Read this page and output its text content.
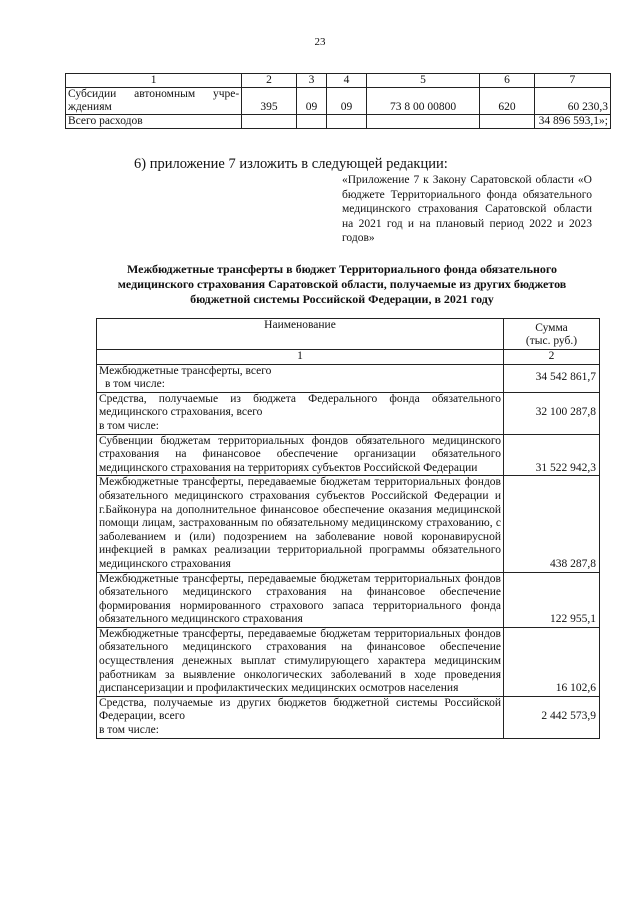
23
1	2	3	4	5	6	7

Субсидии автономным учре-
ждениям	395	09	09	73 8 00 00800	620	60 230,3
Всего расходов						34 896 593,1»;
6) приложение 7 изложить в следующей редакции:
«Приложение 7 к Закону Саратовской области «О бюджете Территориального фонда обязательного медицинского страхования Саратовской области на 2021 год и на плановый период 2022 и 2023 годов»
Межбюджетные трансферты в бюджет Территориального фонда обязательного медицинского страхования Саратовской области, получаемые из других бюджетов бюджетной системы Российской Федерации, в 2021 году
Наименование	Сумма
(тыс. руб.)

1	2

Межбюджетные трансферты, всего
в том числе:	34 542 861,7

Средства, получаемые из бюджета Федерального фонда обязательного медицинского страхования, всего
в том числе:	32 100 287,8
Субвенции бюджетам территориальных фондов обязательного медицинского страхования на финансовое обеспечение организации обязательного медицинского страхования на территориях субъектов Российской Федерации	31 522 942,3
Межбюджетные трансферты, передаваемые бюджетам территориальных фондов обязательного медицинского страхования субъектов Российской Федерации и г.Байконура на дополнительное финансовое обеспечение оказания медицинской помощи лицам, застрахованным по обязательному медицинскому страхованию, с заболеванием и (или) подозрением на заболевание новой коронавирусной инфекцией в рамках реализации территориальной программы обязательного медицинского страхования	438 287,8
Межбюджетные трансферты, передаваемые бюджетам территориальных фондов обязательного медицинского страхования на финансовое обеспечение формирования нормированного страхового запаса территориального фонда обязательного медицинского страхования	122 955,1
Межбюджетные трансферты, передаваемые бюджетам территориальных фондов обязательного медицинского страхования на финансовое обеспечение осуществления денежных выплат стимулирующего характера медицинским работникам за выявление онкологических заболеваний в ходе проведения диспансеризации и профилактических медицинских осмотров населения	16 102,6

Средства, получаемые из других бюджетов бюджетной системы Российской Федерации, всего
в том числе:	2 442 573,9
